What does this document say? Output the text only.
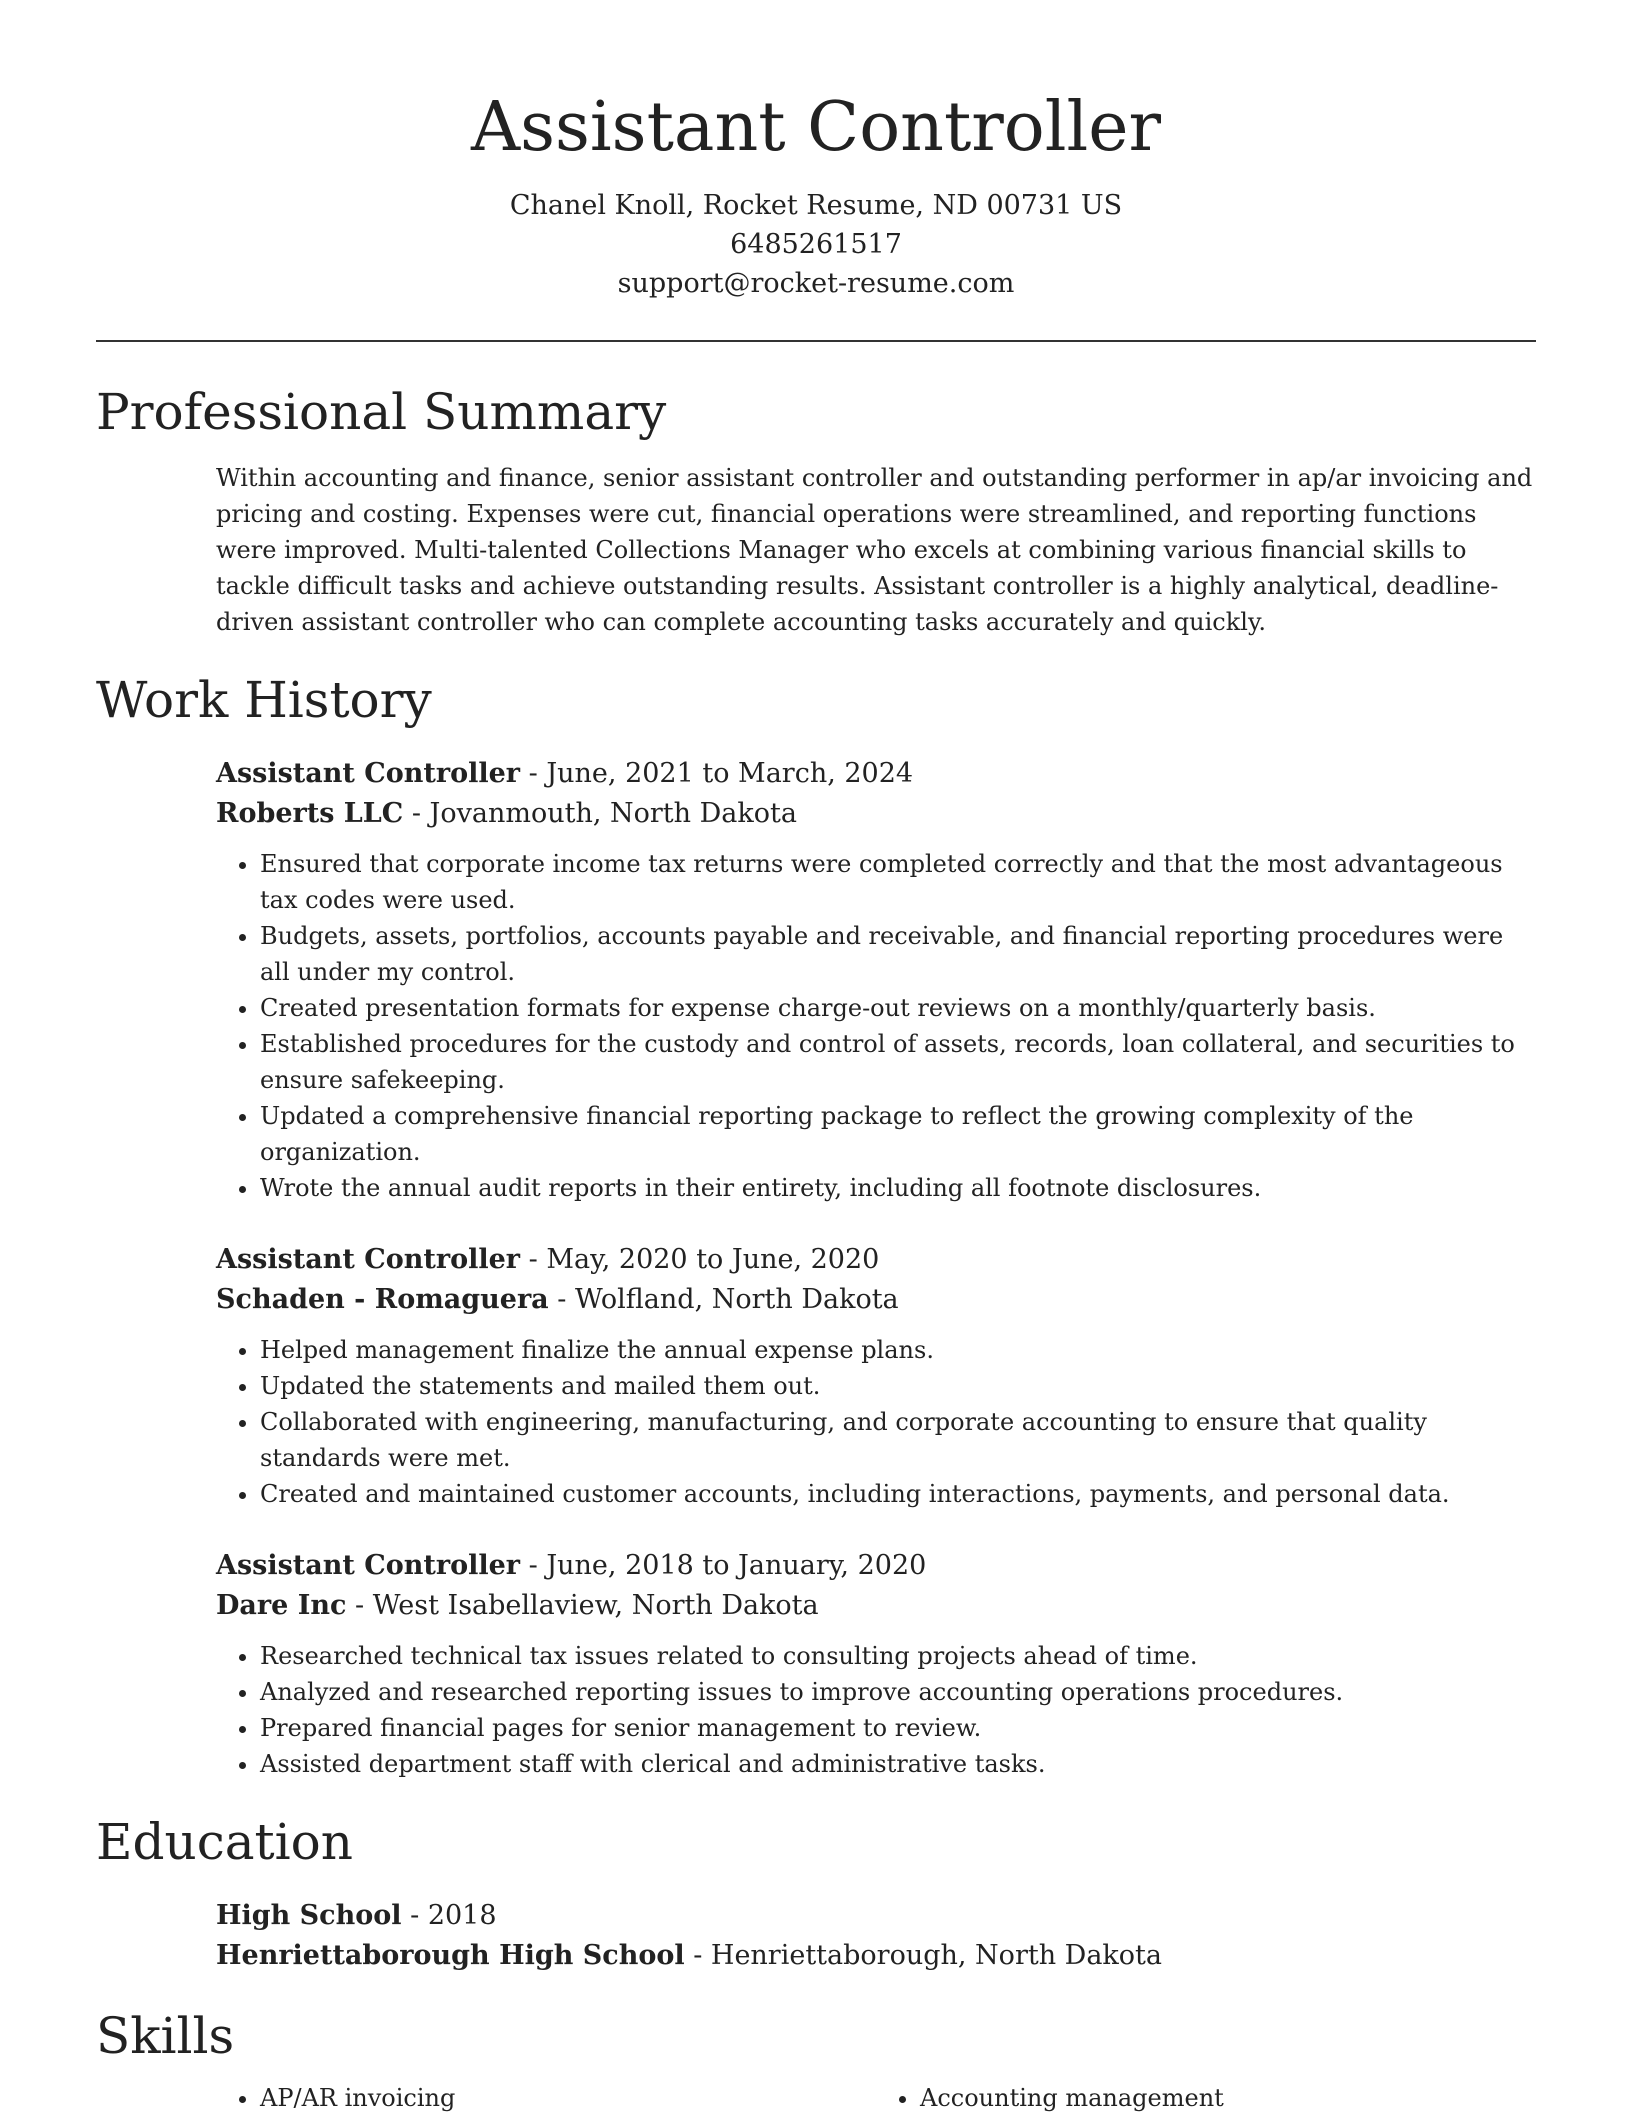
Assistant Controller
Chanel Knoll, Rocket Resume, ND 00731 US
6485261517
support@rocket-resume.com
Professional Summary
Within accounting and finance, senior assistant controller and outstanding performer in ap/ar invoicing and pricing and costing. Expenses were cut, financial operations were streamlined, and reporting functions were improved. Multi-talented Collections Manager who excels at combining various financial skills to tackle difficult tasks and achieve outstanding results. Assistant controller is a highly analytical, deadline-driven assistant controller who can complete accounting tasks accurately and quickly.
Work History
Assistant Controller - June, 2021 to March, 2024
Roberts LLC - Jovanmouth, North Dakota
• Ensured that corporate income tax returns were completed correctly and that the most advantageous tax codes were used.
• Budgets, assets, portfolios, accounts payable and receivable, and financial reporting procedures were all under my control.
• Created presentation formats for expense charge-out reviews on a monthly/quarterly basis.
• Established procedures for the custody and control of assets, records, loan collateral, and securities to ensure safekeeping.
• Updated a comprehensive financial reporting package to reflect the growing complexity of the organization.
• Wrote the annual audit reports in their entirety, including all footnote disclosures.
Assistant Controller - May, 2020 to June, 2020
Schaden - Romaguera - Wolfland, North Dakota
• Helped management finalize the annual expense plans.
• Updated the statements and mailed them out.
• Collaborated with engineering, manufacturing, and corporate accounting to ensure that quality standards were met.
• Created and maintained customer accounts, including interactions, payments, and personal data.
Assistant Controller - June, 2018 to January, 2020
Dare Inc - West Isabellaview, North Dakota
• Researched technical tax issues related to consulting projects ahead of time.
• Analyzed and researched reporting issues to improve accounting operations procedures.
• Prepared financial pages for senior management to review.
• Assisted department staff with clerical and administrative tasks.
Education
High School - 2018
Henriettaborough High School - Henriettaborough, North Dakota
Skills
• AP/AR invoicing
•	Accounting management
